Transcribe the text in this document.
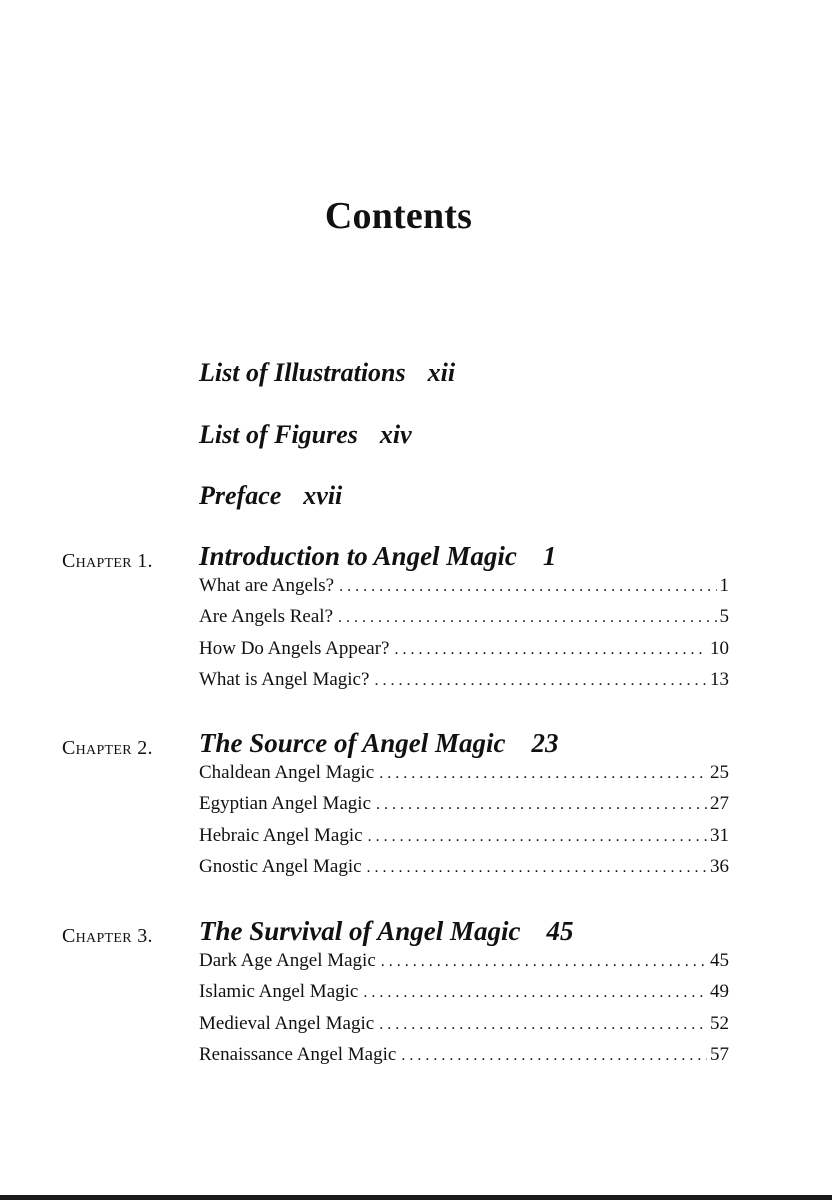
Contents
List of Illustrations xii
List of Figures xiv
Preface xvii
Chapter 1. Introduction to Angel Magic 1
What are Angels? . . .	1
Are Angels Real? . . .	5
How Do Angels Appear? . . .	10
What is Angel Magic? . . .	13
Chapter 2. The Source of Angel Magic 23
Chaldean Angel Magic . . .	25
Egyptian Angel Magic . . .	27
Hebraic Angel Magic . . .	31
Gnostic Angel Magic . . .	36
Chapter 3. The Survival of Angel Magic 45
Dark Age Angel Magic . . .	45
Islamic Angel Magic . . .	49
Medieval Angel Magic . . .	52
Renaissance Angel Magic . . .	57
